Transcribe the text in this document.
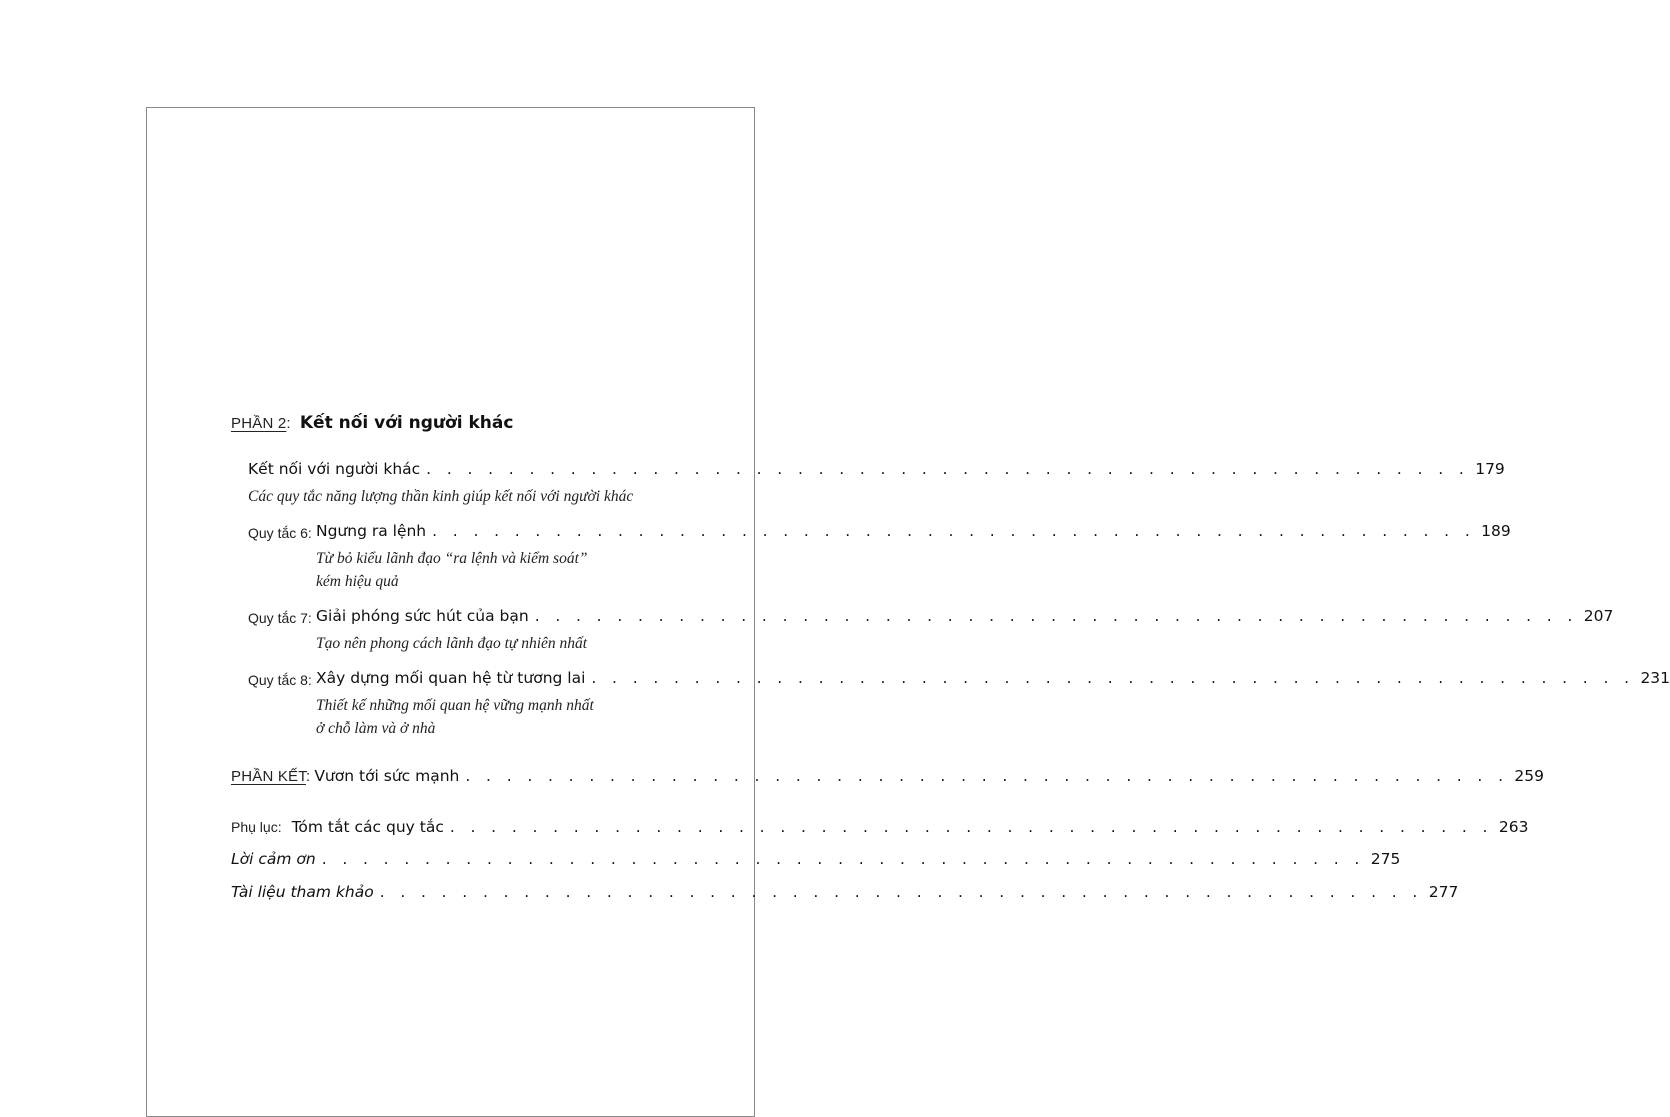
PHẦN 2: Kết nối với người khác
Kết nối với người khác . . . . . . . . . . . . . . . . . . . . . . . . . . . . . . . . . . . . . . . . . . . . . . . . . . . 179
Các quy tắc năng lượng thần kinh giúp kết nối với người khác
Quy tắc 6: Ngưng ra lệnh . . . . . . . . . . . . . . . . . . . . . . . . . . . . . . . . . . . . . . . . . . . . . . . . . . . 189
Từ bỏ kiểu lãnh đạo “ra lệnh và kiểm soát”
kém hiệu quả
Quy tắc 7: Giải phóng sức hút của bạn . . . . . . . . . . . . . . . . . . . . . . . . . . . . . . . . . . . . . . . . . . . . . . . . . . . 207
Tạo nên phong cách lãnh đạo tự nhiên nhất
Quy tắc 8: Xây dựng mối quan hệ từ tương lai . . . . . . . . . . . . . . . . . . . . . . . . . . . . . . . . . . . . . . . . . . . . . . . . . . . 231
Thiết kế những mối quan hệ vững mạnh nhất
ở chỗ làm và ở nhà
PHẦN KẾT: Vươn tới sức mạnh . . . . . . . . . . . . . . . . . . . . . . . . . . . . . . . . . . . . . . . . . . . . . . . . . . . 259
Phụ lục: Tóm tắt các quy tắc . . . . . . . . . . . . . . . . . . . . . . . . . . . . . . . . . . . . . . . . . . . . . . . . . . . 263
Lời cảm ơn . . . . . . . . . . . . . . . . . . . . . . . . . . . . . . . . . . . . . . . . . . . . . . . . . . . 275
Tài liệu tham khảo . . . . . . . . . . . . . . . . . . . . . . . . . . . . . . . . . . . . . . . . . . . . . . . . . . . 277
